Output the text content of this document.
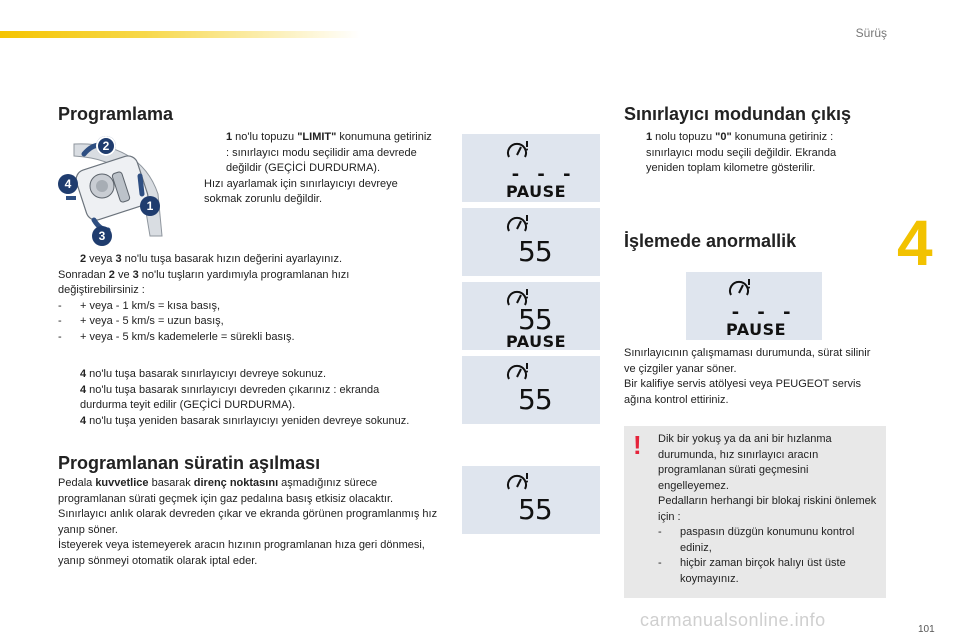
Sürüş
4
101
carmanualsonline.info
Programlama
2
4
1
3

1 no'lu topuzu "LIMIT" konumuna getiriniz : sınırlayıcı modu seçilidir ama devrede değildir (GEÇİCİ DURDURMA).

Hızı ayarlamak için sınırlayıcıyı devreye sokmak zorunlu değildir.

2 veya 3 no'lu tuşa basarak hızın değerini ayarlayınız.

Sonradan 2 ve 3 no'lu tuşların yardımıyla programlanan hızı değiştirebilirsiniz :

- + veya - 1 km/s = kısa basış,

- + veya - 5 km/s = uzun basış,

- + veya - 5 km/s kademelerle = sürekli basış.

4 no'lu tuşa basarak sınırlayıcıyı devreye sokunuz.

4 no'lu tuşa basarak sınırlayıcıyı devreden çıkarınız : ekranda durdurma teyit edilir (GEÇİCİ DURDURMA).

4 no'lu tuşa yeniden basarak sınırlayıcıyı yeniden devreye sokunuz.

Programlanan süratin aşılması

Pedala kuvvetlice basarak direnç noktasını aşmadığınız sürece programlanan sürati geçmek için gaz pedalına basış etkisiz olacaktır.

Sınırlayıcı anlık olarak devreden çıkar ve ekranda görünen programlanmış hız yanıp söner.

İsteyerek veya istemeyerek aracın hızının programlanan hıza geri dönmesi, yanıp sönmeyi otomatik olarak iptal eder.

- - -
PAUSE
55
55
PAUSE
55
55
Sınırlayıcı modundan çıkış

1 nolu topuzu "0" konumuna getiriniz : sınırlayıcı modu seçili değildir. Ekranda yeniden toplam kilometre gösterilir.

İşlemede anormallik
- - -
PAUSE

Sınırlayıcının çalışmaması durumunda, sürat silinir ve çizgiler yanar söner.

Bir kalifiye servis atölyesi veya PEUGEOT servis ağına kontrol ettiriniz.

! Dik bir yokuş ya da ani bir hızlanma durumunda, hız sınırlayıcı aracın programlanan sürati geçmesini engelleyemez.

Pedalların herhangi bir blokaj riskini önlemek için :

- paspasın düzgün konumunu kontrol ediniz,

- hiçbir zaman birçok halıyı üst üste koymayınız.
